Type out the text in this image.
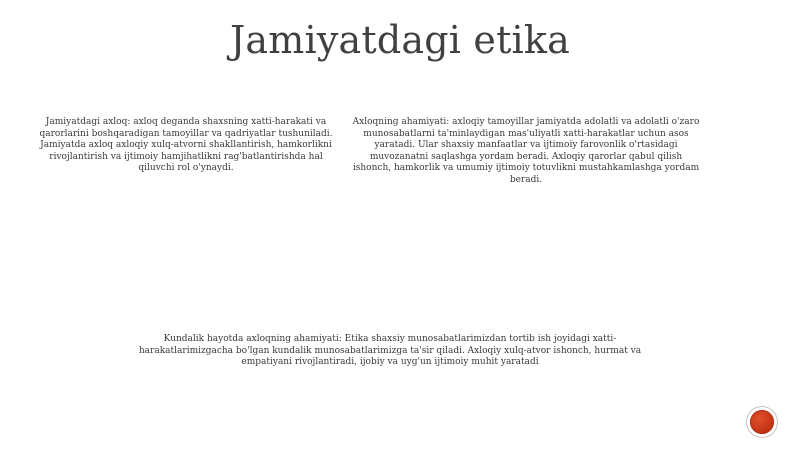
Jamiyatdagi etika

Jamiyatdagi axloq: axloq deganda shaxsning xatti-harakati va qarorlarini boshqaradigan tamoyillar va qadriyatlar tushuniladi. Jamiyatda axloq axloqiy xulq-atvorni shakllantirish, hamkorlikni rivojlantirish va ijtimoiy hamjihatlikni rag'batlantirishda hal qiluvchi rol o'ynaydi.

Axloqning ahamiyati: axloqiy tamoyillar jamiyatda adolatli va adolatli o'zaro munosabatlarni ta'minlaydigan mas'uliyatli xatti-harakatlar uchun asos yaratadi. Ular shaxsiy manfaatlar va ijtimoiy farovonlik o'rtasidagi muvozanatni saqlashga yordam beradi. Axloqiy qarorlar qabul qilish ishonch, hamkorlik va umumiy ijtimoiy totuvlikni mustahkamlashga yordam beradi.

Kundalik hayotda axloqning ahamiyati: Etika shaxsiy munosabatlarimizdan tortib ish joyidagi xatti-harakatlarimizgacha bo'lgan kundalik munosabatlarimizga ta'sir qiladi. Axloqiy xulq-atvor ishonch, hurmat va empatiyani rivojlantiradi, ijobiy va uyg'un ijtimoiy muhit yaratadi
